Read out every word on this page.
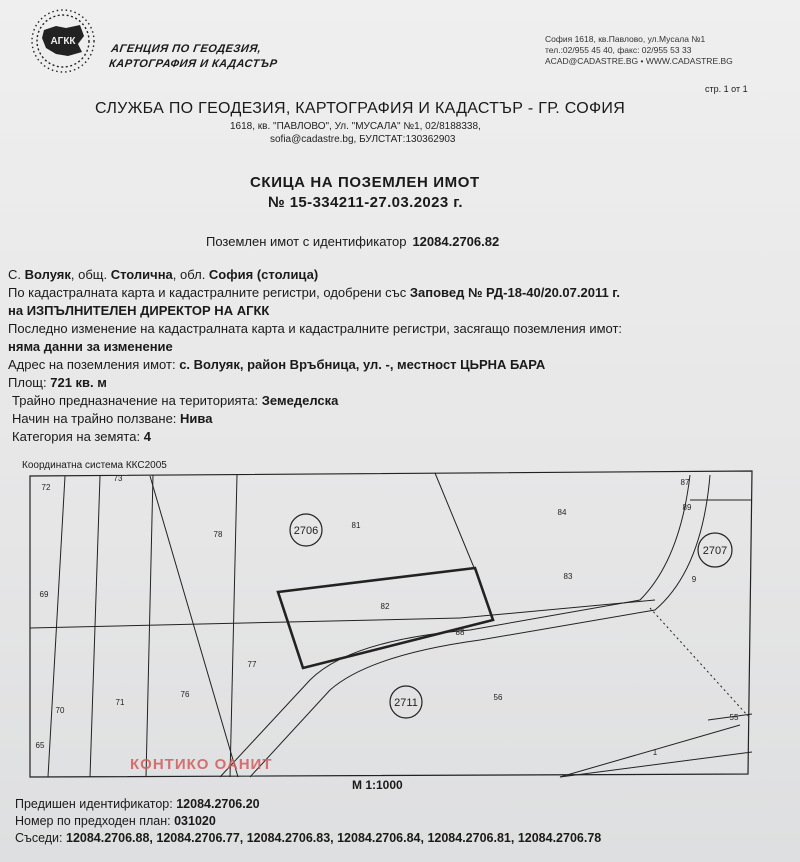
АГКК
АГЕНЦИЯ ПО ГЕОДЕЗИЯ,
КАРТОГРАФИЯ И КАДАСТЪР
София 1618, кв.Павлово, ул.Мусала №1
тел.:02/955 45 40, факс: 02/955 53 33
ACAD@CADASTRE.BG • WWW.CADASTRE.BG
стр. 1 от 1
СЛУЖБА ПО ГЕОДЕЗИЯ, КАРТОГРАФИЯ И КАДАСТЪР - ГР. СОФИЯ
1618, кв. "ПАВЛОВО", Ул. "МУСАЛА" №1, 02/8188338,
sofia@cadastre.bg, БУЛСТАТ:130362903
СКИЦА НА ПОЗЕМЛЕН ИМОТ
№ 15-334211-27.03.2023 г.
Поземлен имот с идентификатор 12084.2706.82
С. Волуяк, общ. Столична, обл. София (столица)
По кадастралната карта и кадастралните регистри, одобрени със Заповед № РД-18-40/20.07.2011 г.
на ИЗПЪЛНИТЕЛЕН ДИРЕКТОР НА АГКК
Последно изменение на кадастралната карта и кадастралните регистри, засягащо поземления имот:
няма данни за изменение
Адрес на поземления имот: с. Волуяк, район Връбница, ул. -, местност ЦЬРНА БАРА
Площ: 721 кв. м
Трайно предназначение на територията: Земеделска
Начин на трайно ползване: Нива
Категория на земята: 4
Координатна система ККС2005
2706
2707
2711
72
73
78
81
84
87
89
69
82
83	9
88
77
76
71
70
65
56
55
1
КОНТИКО ОАНИТ
М 1:1000
Предишен идентификатор: 12084.2706.20
Номер по предходен план: 031020
Съседи: 12084.2706.88, 12084.2706.77, 12084.2706.83, 12084.2706.84, 12084.2706.81, 12084.2706.78
